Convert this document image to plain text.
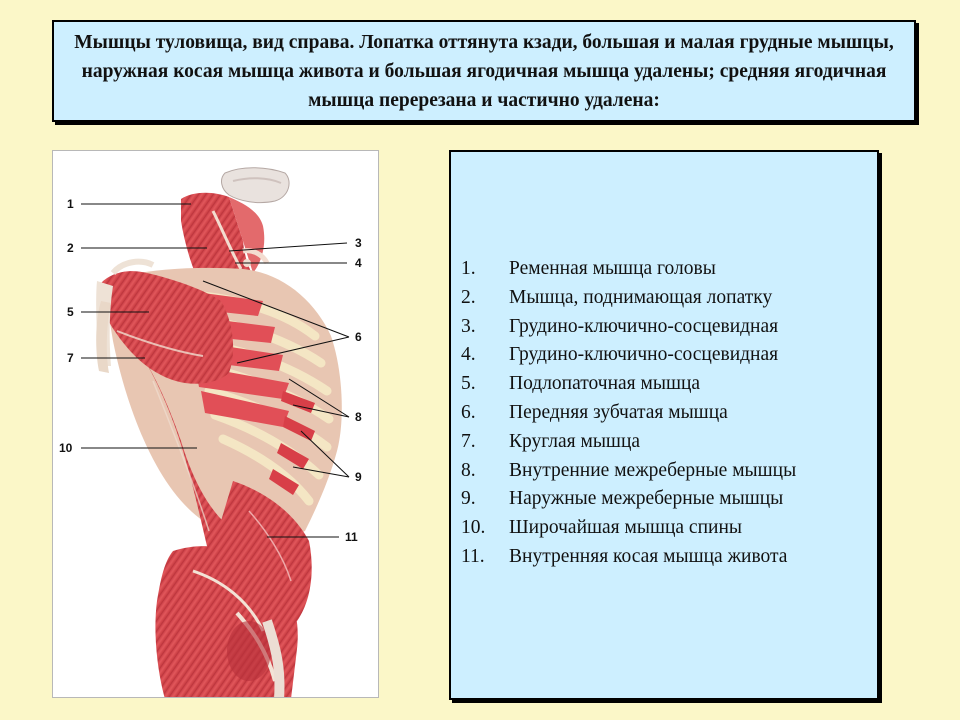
Мышцы туловища, вид справа. Лопатка оттянута кзади, большая и малая грудные мышцы, наружная косая мышца живота и большая ягодичная мышца удалены; средняя ягодичная мышца перерезана и частично удалена:
1
2	3
4
5
7
6
8
9
10
11
1.	Ременная мышца головы
2.	Мышца, поднимающая лопатку
3.	Грудино-ключично-сосцевидная
4.	Грудино-ключично-сосцевидная
5.	Подлопаточная мышца
6.	Передняя зубчатая мышца
7.	Круглая мышца
8.	Внутренние межреберные мышцы
9.	Наружные межреберные мышцы
10.	Широчайшая мышца спины
11.	Внутренняя косая мышца живота
